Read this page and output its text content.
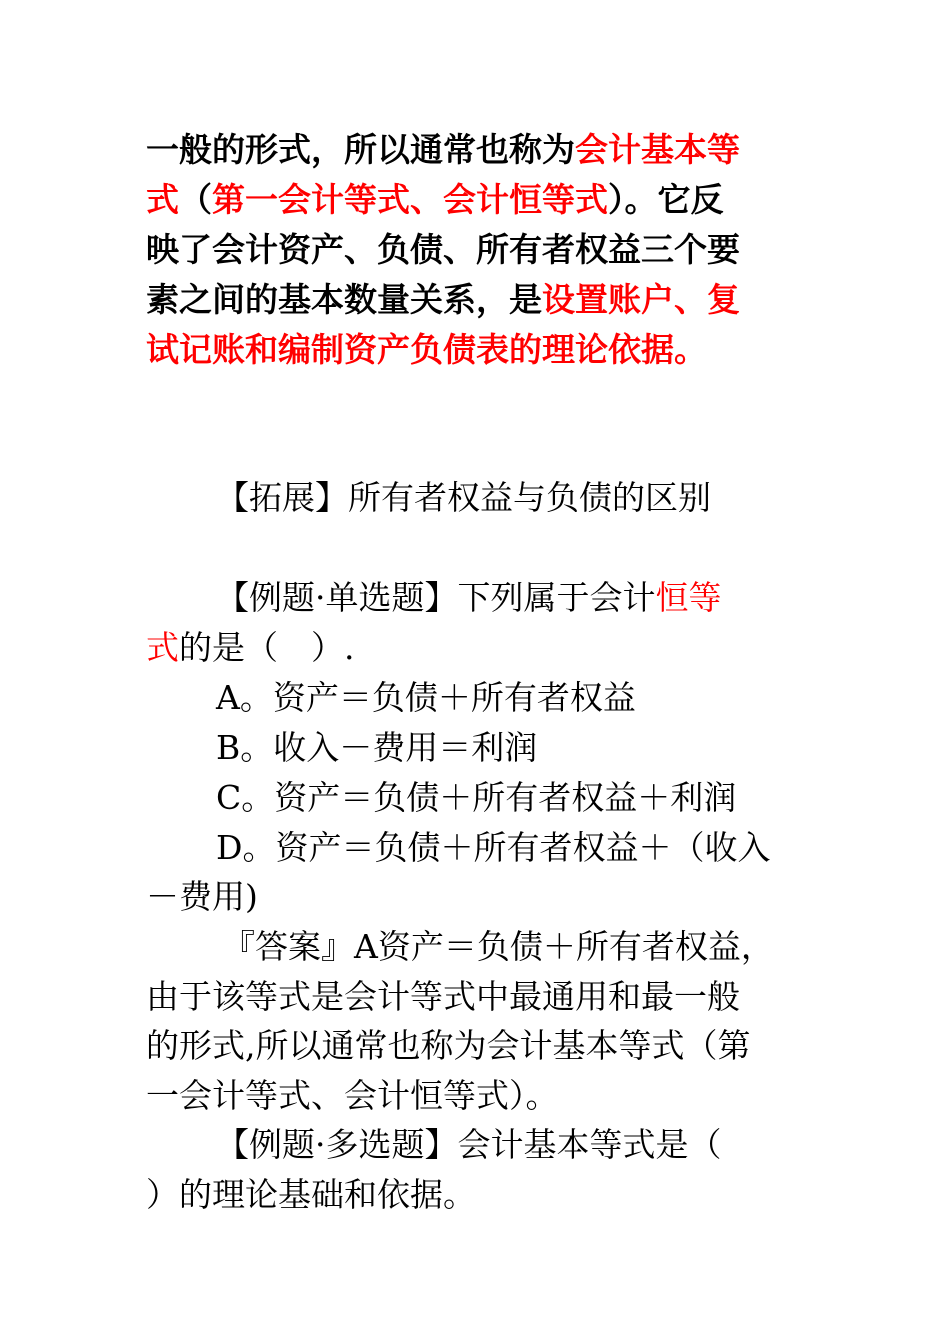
一般的形式，所以通常也称为会计基本等
式（第一会计等式、会计恒等式）。它反
映了会计资产、负债、所有者权益三个要
素之间的基本数量关系，是设置账户、复
试记账和编制资产负债表的理论依据。
【拓展】所有者权益与负债的区别
【例题·单选题】下列属于会计恒等
式的是（　）.
A。资产＝负债＋所有者权益
B。收入－费用＝利润
C。资产＝负债＋所有者权益＋利润
D。资产＝负债＋所有者权益＋（收入
－费用)
『答案』A资产＝负债＋所有者权益，
由于该等式是会计等式中最通用和最一般
的形式,所以通常也称为会计基本等式（第
一会计等式、会计恒等式）。
【例题·多选题】会计基本等式是（
）的理论基础和依据。
